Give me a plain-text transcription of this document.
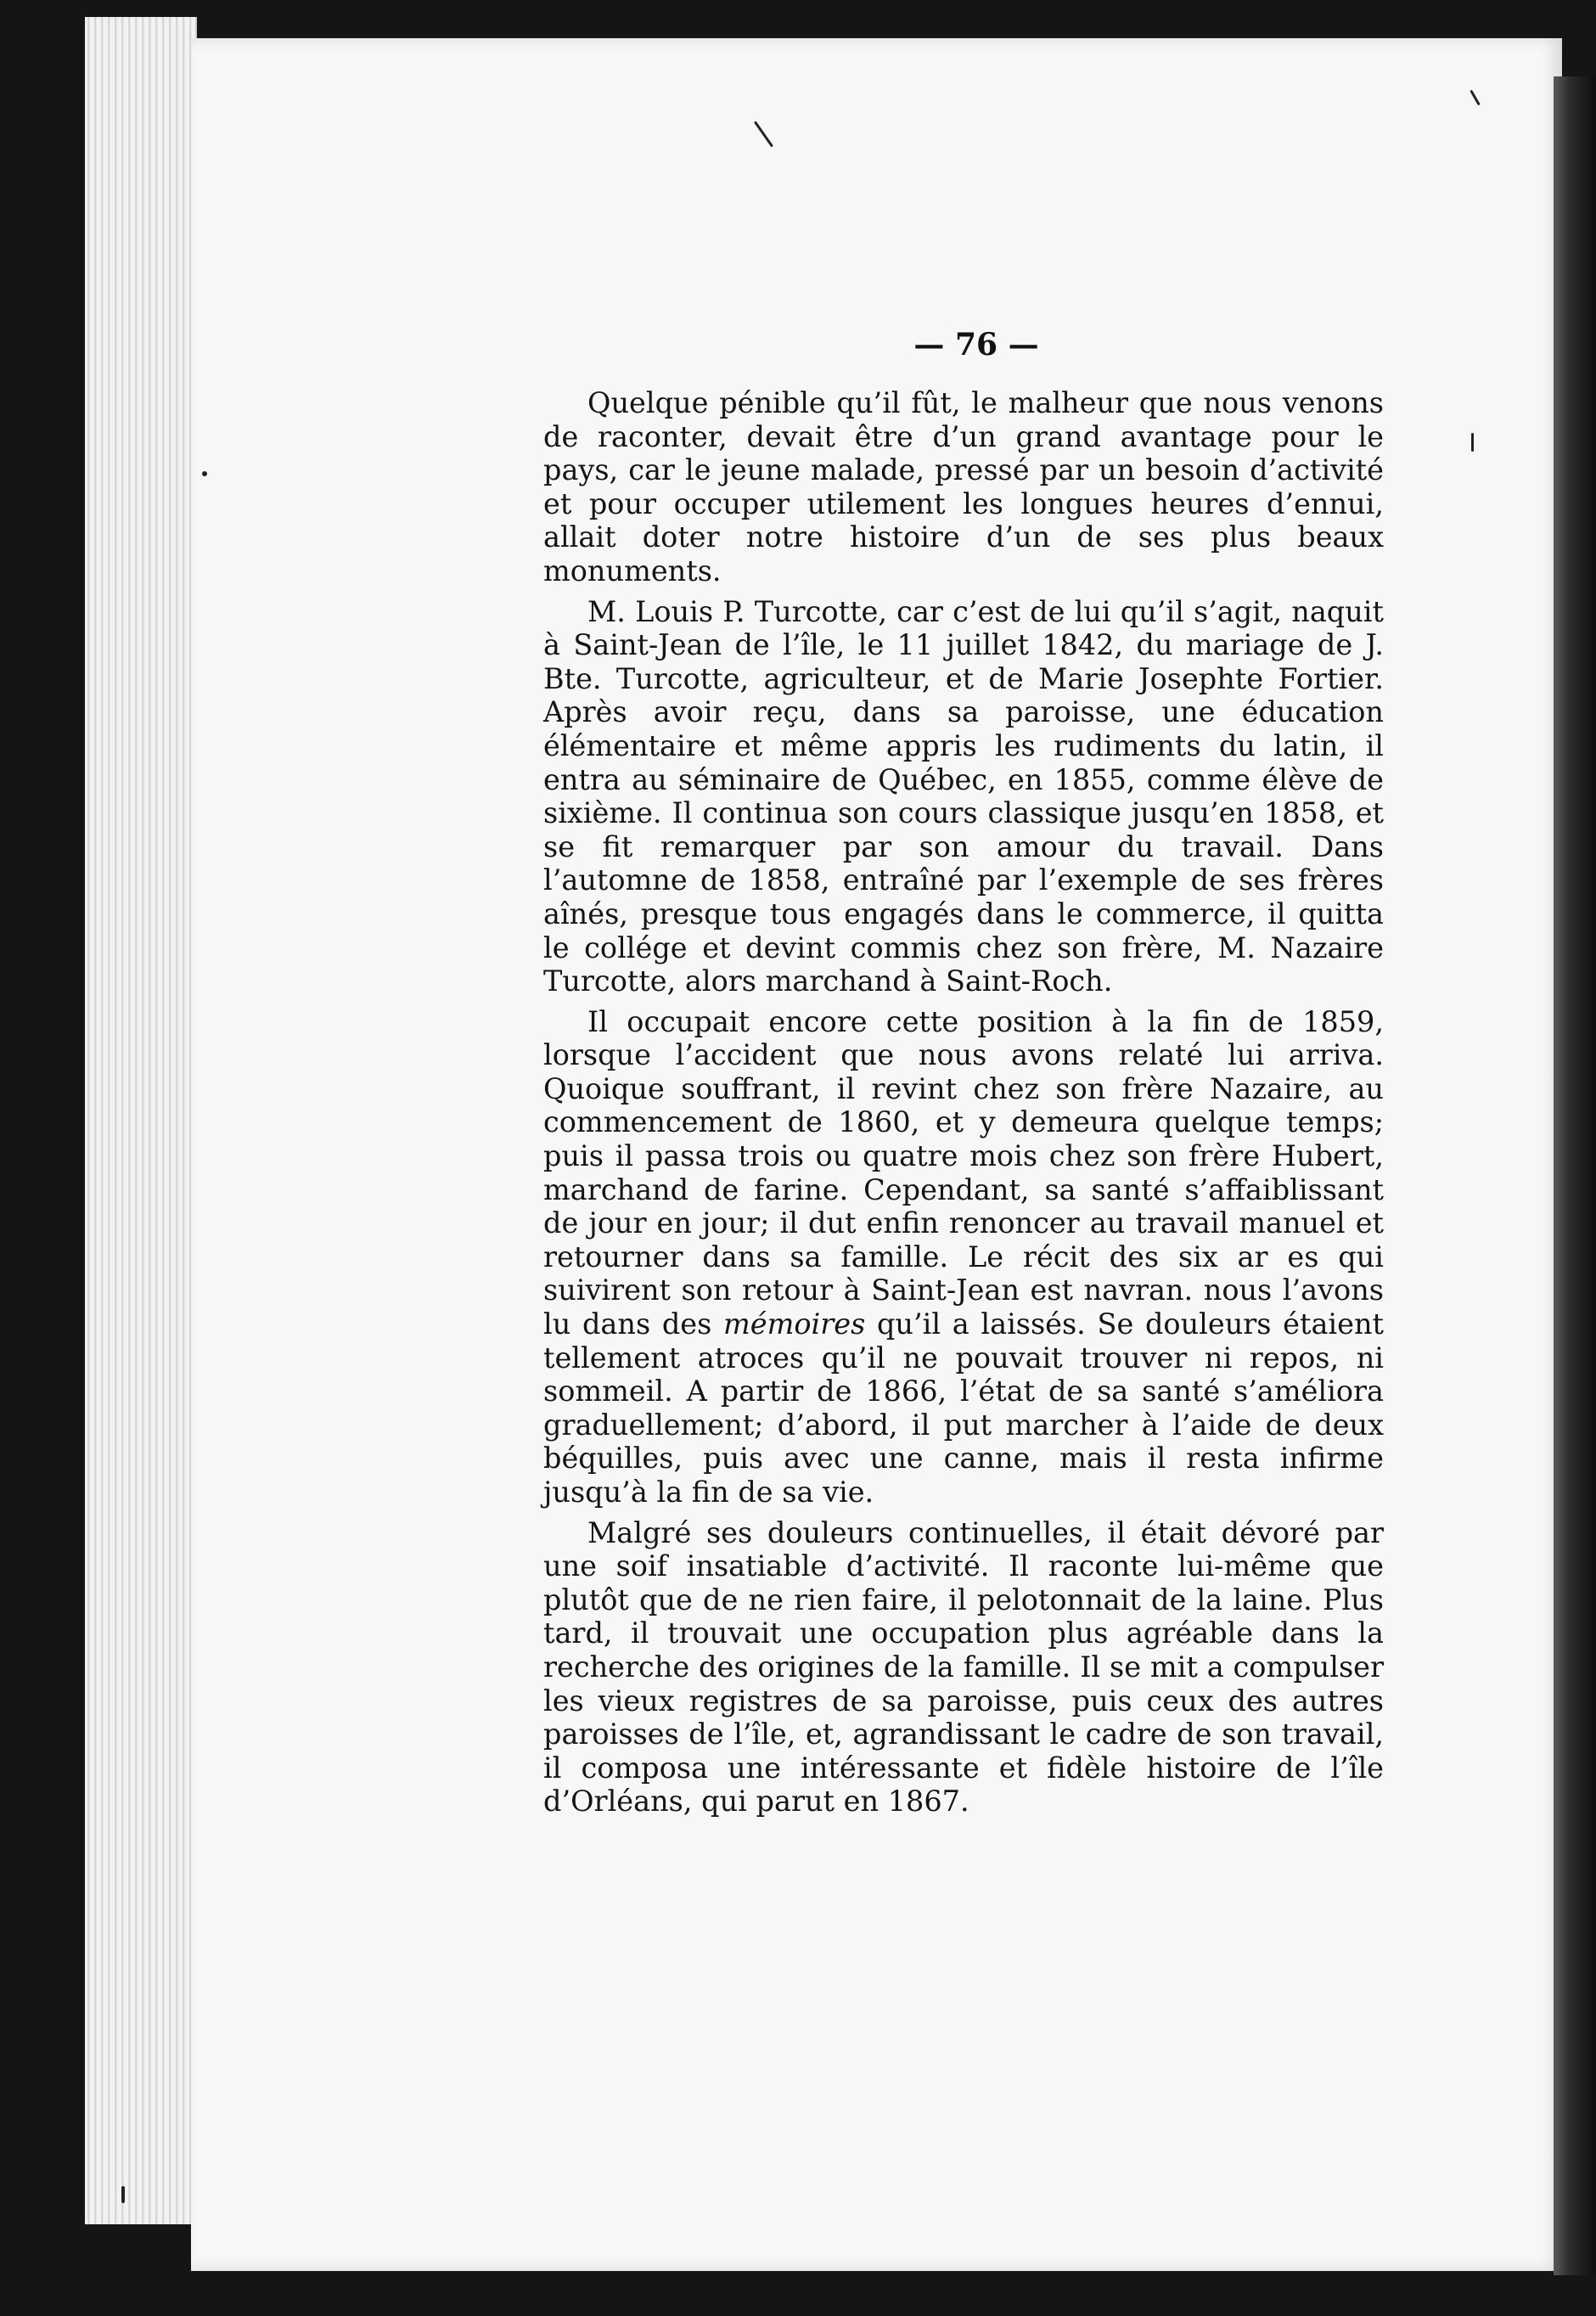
— 76 —

Quelque pénible qu’il fût, le malheur que nous venons de raconter, devait être d’un grand avantage pour le pays, car le jeune malade, pressé par un besoin d’activité et pour occuper utilement les longues heures d’ennui, allait doter notre histoire d’un de ses plus beaux monuments.

M. Louis P. Turcotte, car c’est de lui qu’il s’agit, naquit à Saint-Jean de l’île, le 11 juillet 1842, du mariage de J. Bte. Turcotte, agriculteur, et de Marie Josephte Fortier. Après avoir reçu, dans sa paroisse, une éducation élémentaire et même appris les rudiments du latin, il entra au séminaire de Québec, en 1855, comme élève de sixième. Il continua son cours classique jusqu’en 1858, et se fit remarquer par son amour du travail. Dans l’automne de 1858, entraîné par l’exemple de ses frères aînés, presque tous engagés dans le commerce, il quitta le collége et devint commis chez son frère, M. Nazaire Turcotte, alors marchand à Saint-Roch.

Il occupait encore cette position à la fin de 1859, lorsque l’accident que nous avons relaté lui arriva. Quoique souffrant, il revint chez son frère Nazaire, au commencement de 1860, et y demeura quelque temps; puis il passa trois ou quatre mois chez son frère Hubert, marchand de farine. Cependant, sa santé s’affaiblissant de jour en jour; il dut enfin renoncer au travail manuel et retourner dans sa famille. Le récit des six ar es qui suivirent son retour à Saint-Jean est navran. nous l’avons lu dans des mémoires qu’il a laissés. Se douleurs étaient tellement atroces qu’il ne pouvait trouver ni repos, ni sommeil. A partir de 1866, l’état de sa santé s’améliora graduellement; d’abord, il put marcher à l’aide de deux béquilles, puis avec une canne, mais il resta infirme jusqu’à la fin de sa vie.

Malgré ses douleurs continuelles, il était dévoré par une soif insatiable d’activité. Il raconte lui-même que plutôt que de ne rien faire, il pelotonnait de la laine. Plus tard, il trouvait une occupation plus agréable dans la recherche des origines de la famille. Il se mit a compulser les vieux registres de sa paroisse, puis ceux des autres paroisses de l’île, et, agrandissant le cadre de son travail, il composa une intéressante et fidèle histoire de l’île d’Orléans, qui parut en 1867.
